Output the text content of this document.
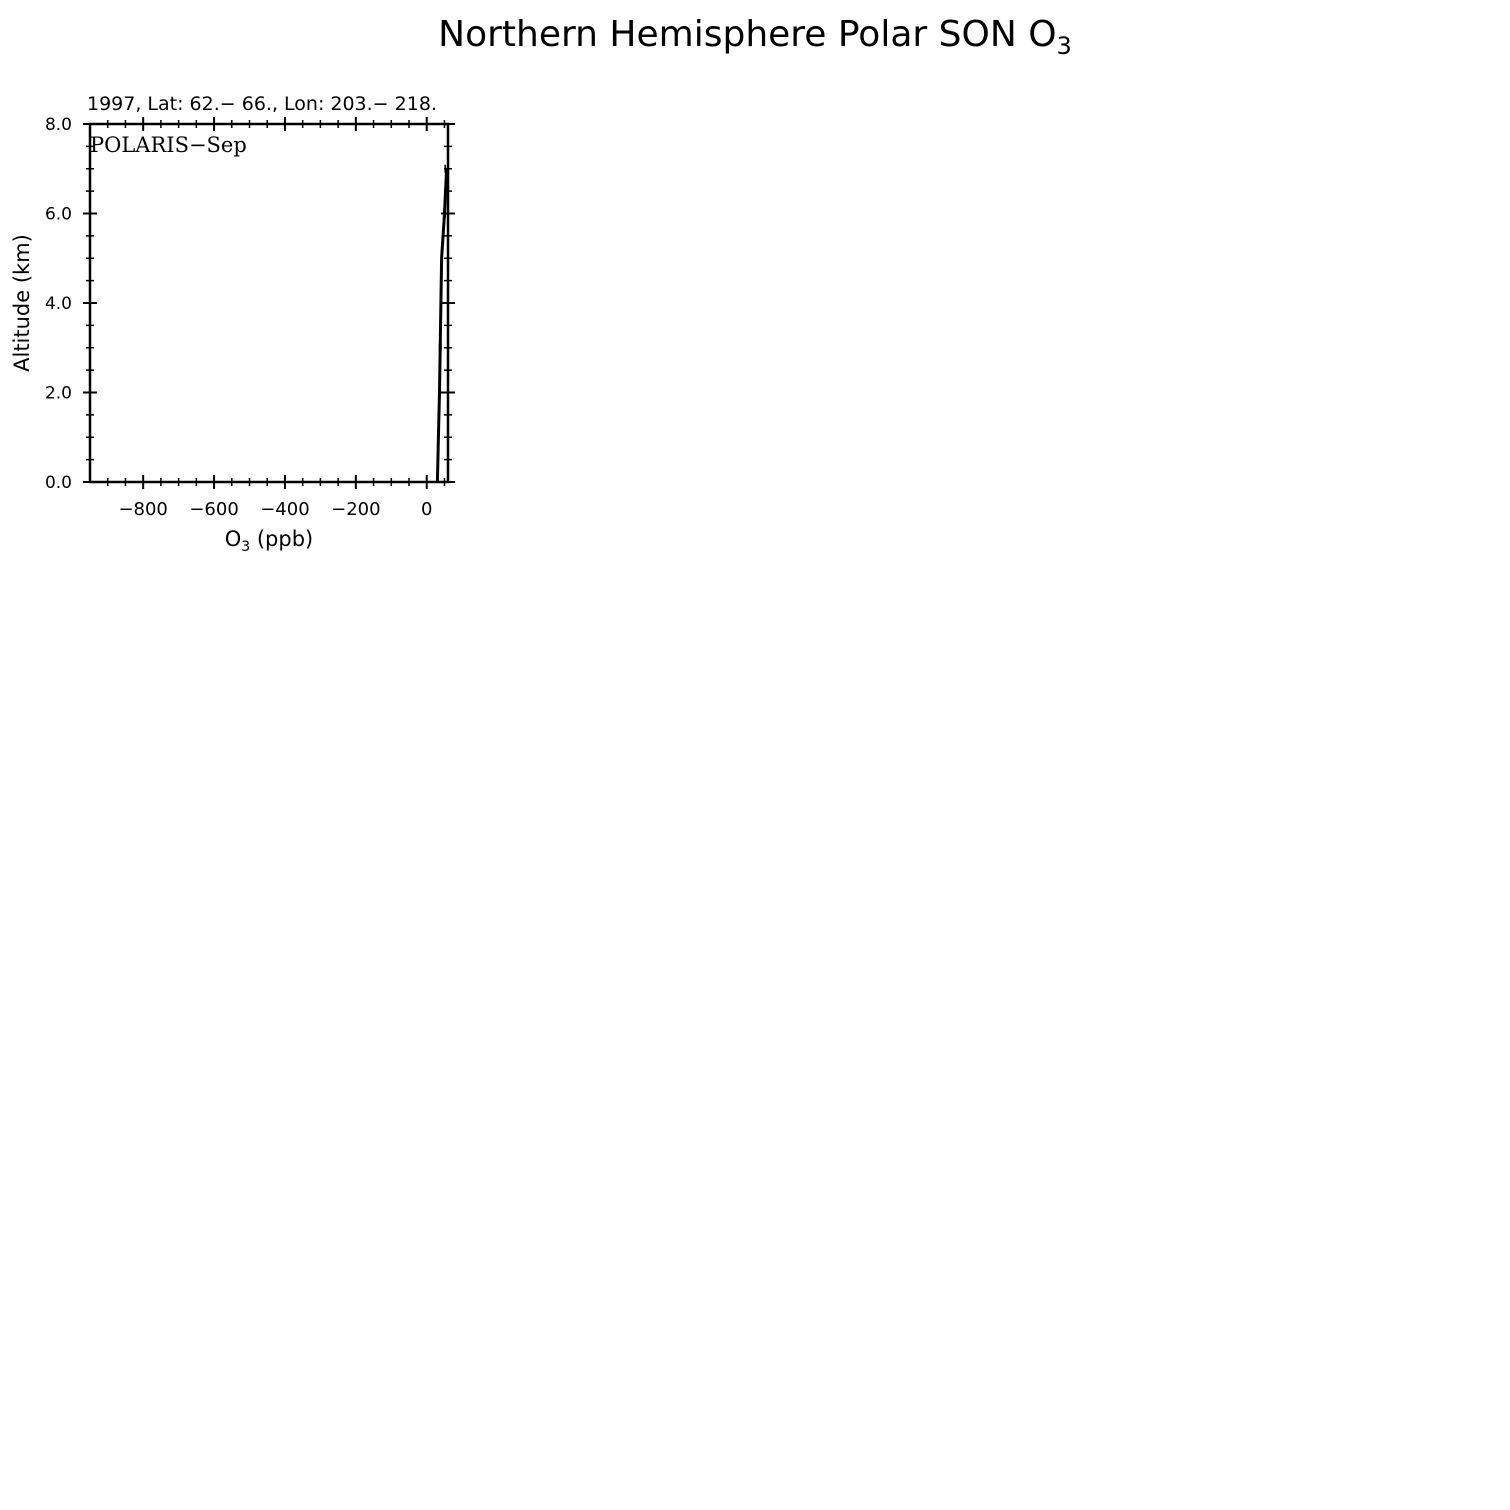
Northern Hemisphere Polar SON $O_3$
1997, Lat: 62.− 66., Lon: 203.− 218.
0.0
2.0
4.0
6.0
8.0
−800 −600 −400 −200 0
Altitude (km)
$O_3$ (ppb)
POLARIS−Sep
